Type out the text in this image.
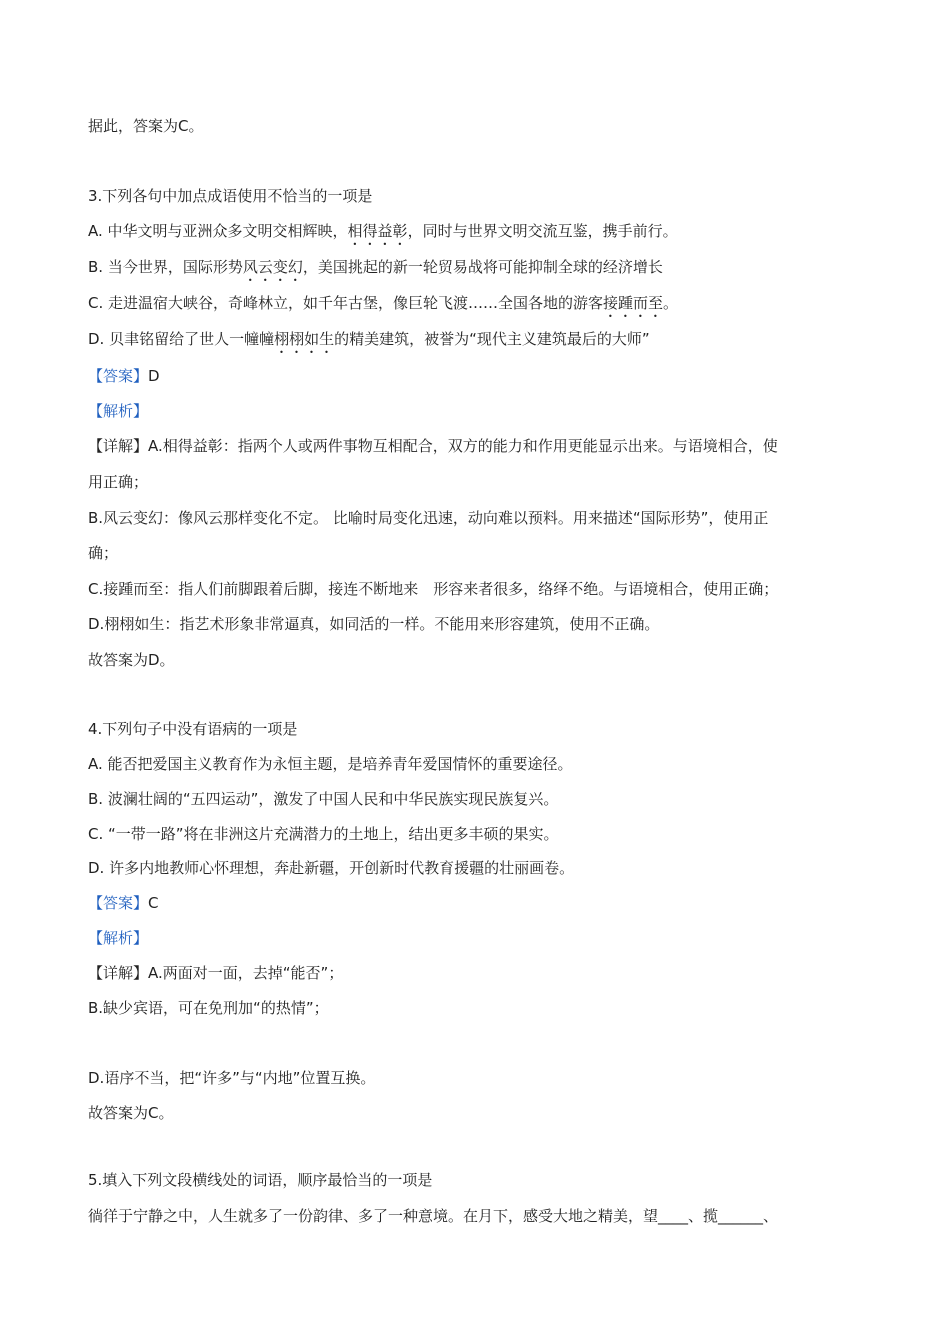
据此，答案为C。
3.下列各句中加点成语使用不恰当的一项是
A. 中华文明与亚洲众多文明交相辉映，相得益彰，同时与世界文明交流互鉴，携手前行。
B. 当今世界，国际形势风云变幻，美国挑起的新一轮贸易战将可能抑制全球的经济增长
C. 走进温宿大峡谷，奇峰林立，如千年古堡，像巨轮飞渡……全国各地的游客接踵而至。
D. 贝聿铭留给了世人一幢幢栩栩如生的精美建筑，被誉为“现代主义建筑最后的大师”
【答案】D
【解析】
【详解】A.相得益彰：指两个人或两件事物互相配合，双方的能力和作用更能显示出来。与语境相合，使
用正确；
B.风云变幻：像风云那样变化不定。 比喻时局变化迅速，动向难以预料。用来描述“国际形势”，使用正
确；
C.接踵而至：指人们前脚跟着后脚，接连不断地来　形容来者很多，络绎不绝。与语境相合，使用正确；
D.栩栩如生：指艺术形象非常逼真，如同活的一样。不能用来形容建筑，使用不正确。
故答案为D。
4.下列句子中没有语病的一项是
A. 能否把爱国主义教育作为永恒主题，是培养青年爱国情怀的重要途径。
B. 波澜壮阔的“五四运动”，激发了中国人民和中华民族实现民族复兴。
C. “一带一路”将在非洲这片充满潜力的土地上，结出更多丰硕的果实。
D. 许多内地教师心怀理想，奔赴新疆，开创新时代教育援疆的壮丽画卷。
【答案】C
【解析】
【详解】A.两面对一面，去掉“能否”；
B.缺少宾语，可在免刑加“的热情”；
D.语序不当，把“许多”与“内地”位置互换。
故答案为C。
5.填入下列文段横线处的词语，顺序最恰当的一项是
徜徉于宁静之中，人生就多了一份韵律、多了一种意境。在月下，感受大地之精美，望____、揽______、
